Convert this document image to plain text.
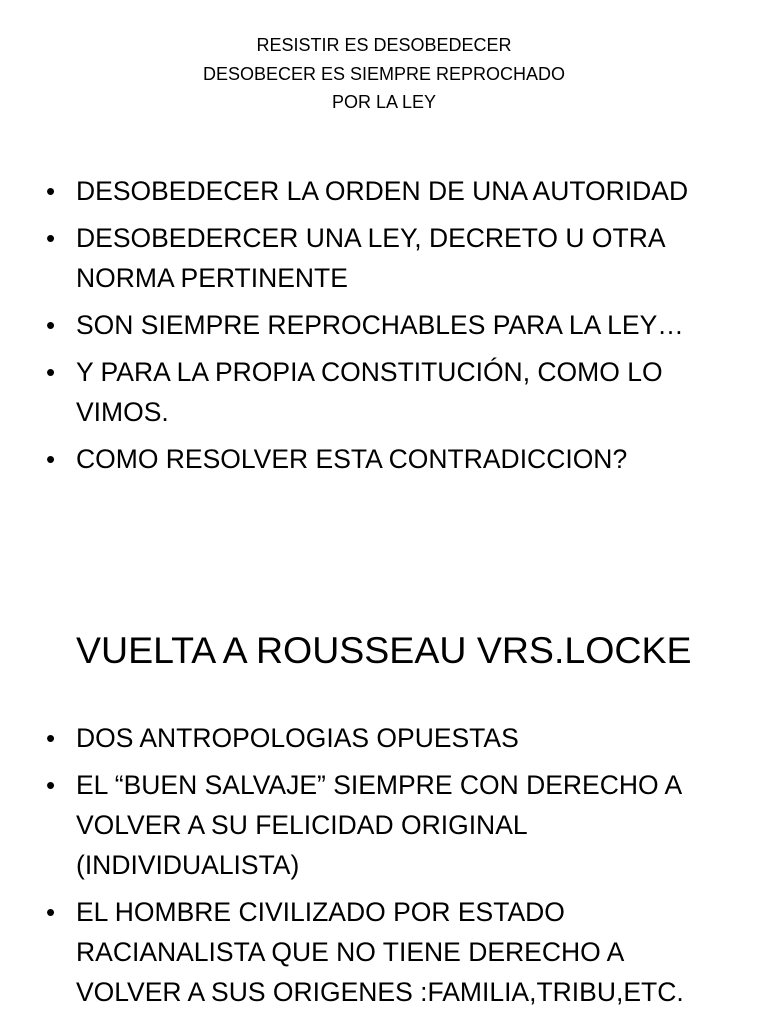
RESISTIR ES DESOBEDECER
DESOBECER ES SIEMPRE REPROCHADO
POR LA LEY
• DESOBEDECER LA ORDEN DE UNA AUTORIDAD
• DESOBEDERCER UNA LEY, DECRETO U OTRA
NORMA PERTINENTE
• SON SIEMPRE REPROCHABLES PARA LA LEY…
• Y PARA LA PROPIA CONSTITUCIÓN, COMO LO
VIMOS.
• COMO RESOLVER ESTA CONTRADICCION?
VUELTA A ROUSSEAU VRS.LOCKE
• DOS ANTROPOLOGIAS OPUESTAS
• EL “BUEN SALVAJE” SIEMPRE CON DERECHO A
VOLVER A SU FELICIDAD ORIGINAL
(INDIVIDUALISTA)
• EL HOMBRE CIVILIZADO POR ESTADO
RACIANALISTA QUE NO TIENE DERECHO A
VOLVER A SUS ORIGENES :FAMILIA,TRIBU,ETC.
